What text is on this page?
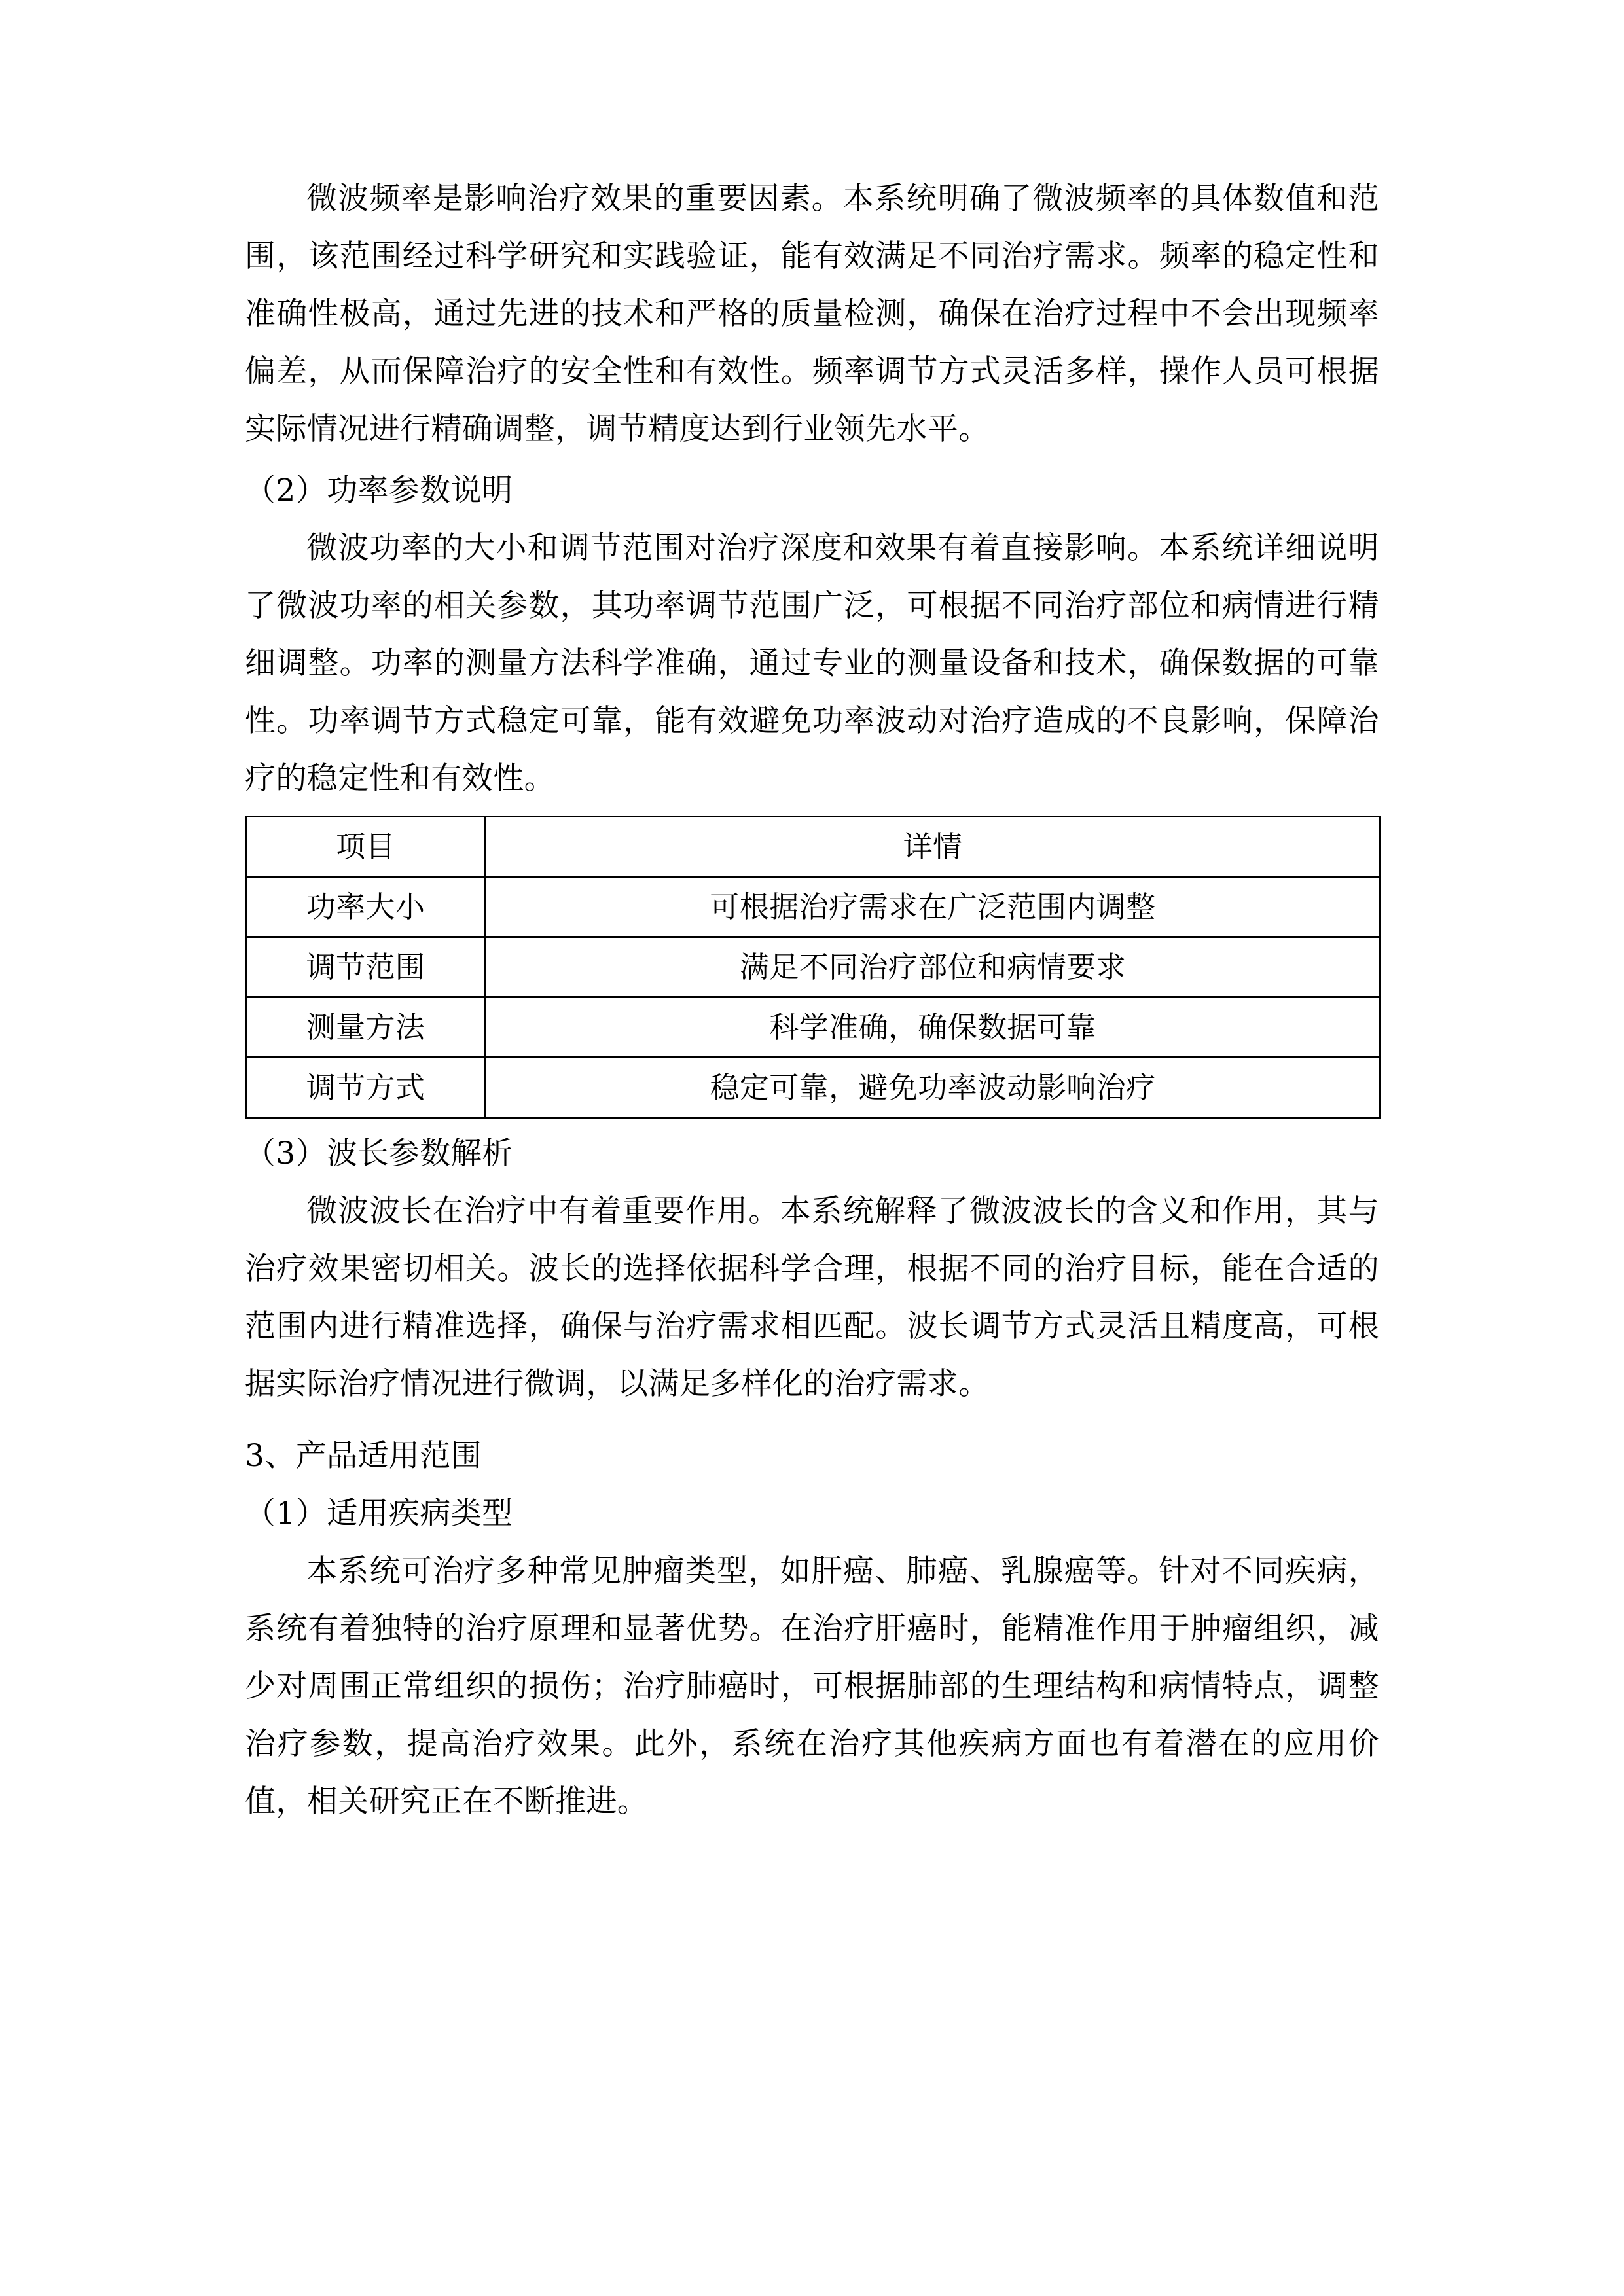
微波频率是影响治疗效果的重要因素。本系统明确了微波频率的具体数值和范围，该范围经过科学研究和实践验证，能有效满足不同治疗需求。频率的稳定性和准确性极高，通过先进的技术和严格的质量检测，确保在治疗过程中不会出现频率偏差，从而保障治疗的安全性和有效性。频率调节方式灵活多样，操作人员可根据实际情况进行精确调整，调节精度达到行业领先水平。

（2）功率参数说明

微波功率的大小和调节范围对治疗深度和效果有着直接影响。本系统详细说明了微波功率的相关参数，其功率调节范围广泛，可根据不同治疗部位和病情进行精细调整。功率的测量方法科学准确，通过专业的测量设备和技术，确保数据的可靠性。功率调节方式稳定可靠，能有效避免功率波动对治疗造成的不良影响，保障治疗的稳定性和有效性。

项目	详情
功率大小	可根据治疗需求在广泛范围内调整
调节范围	满足不同治疗部位和病情要求
测量方法	科学准确，确保数据可靠
调节方式	稳定可靠，避免功率波动影响治疗

（3）波长参数解析

微波波长在治疗中有着重要作用。本系统解释了微波波长的含义和作用，其与治疗效果密切相关。波长的选择依据科学合理，根据不同的治疗目标，能在合适的范围内进行精准选择，确保与治疗需求相匹配。波长调节方式灵活且精度高，可根据实际治疗情况进行微调，以满足多样化的治疗需求。

3、产品适用范围

（1）适用疾病类型

本系统可治疗多种常见肿瘤类型，如肝癌、肺癌、乳腺癌等。针对不同疾病，系统有着独特的治疗原理和显著优势。在治疗肝癌时，能精准作用于肿瘤组织，减少对周围正常组织的损伤；治疗肺癌时，可根据肺部的生理结构和病情特点，调整治疗参数，提高治疗效果。此外，系统在治疗其他疾病方面也有着潜在的应用价值，相关研究正在不断推进。
